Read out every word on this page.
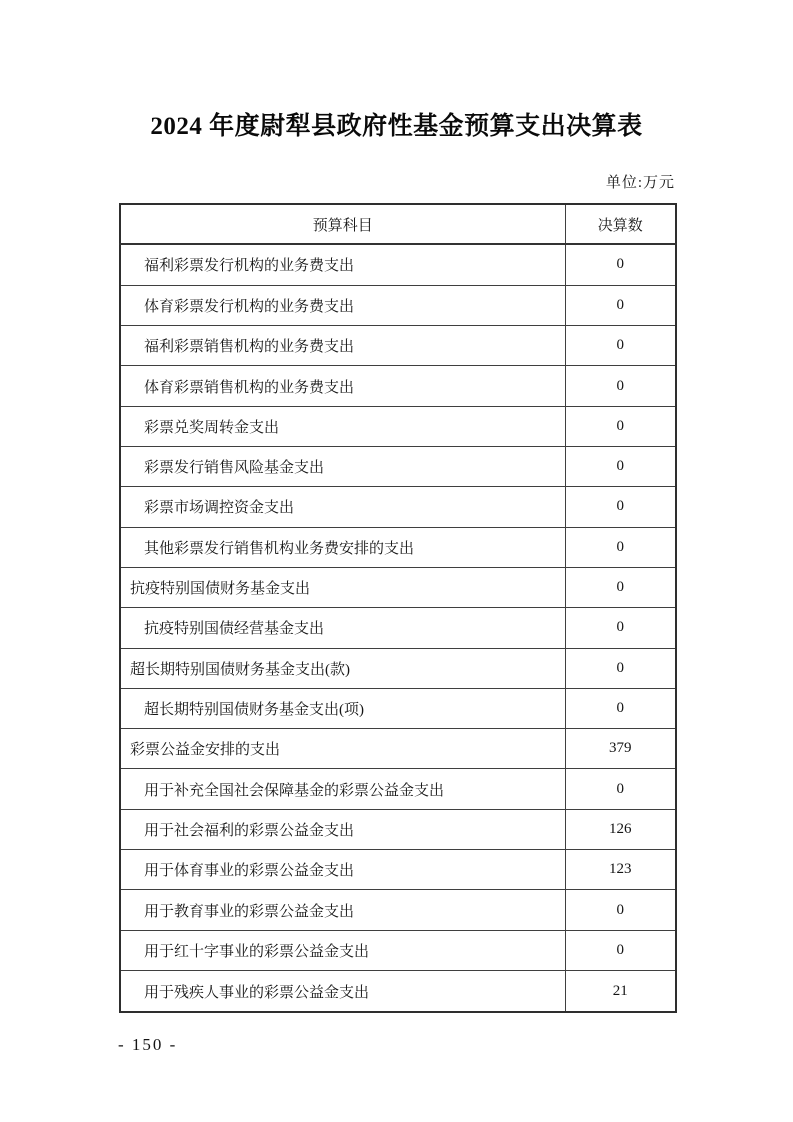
2024 年度尉犁县政府性基金预算支出决算表
单位:万元
预算科目	决算数
福利彩票发行机构的业务费支出	0
体育彩票发行机构的业务费支出	0
福利彩票销售机构的业务费支出	0
体育彩票销售机构的业务费支出	0
彩票兑奖周转金支出	0
彩票发行销售风险基金支出	0
彩票市场调控资金支出	0
其他彩票发行销售机构业务费安排的支出	0
抗疫特别国债财务基金支出	0
抗疫特别国债经营基金支出	0
超长期特别国债财务基金支出(款)	0
超长期特别国债财务基金支出(项)	0
彩票公益金安排的支出	379
用于补充全国社会保障基金的彩票公益金支出	0
用于社会福利的彩票公益金支出	126
用于体育事业的彩票公益金支出	123
用于教育事业的彩票公益金支出	0
用于红十字事业的彩票公益金支出	0
用于残疾人事业的彩票公益金支出	21
- 150 -
